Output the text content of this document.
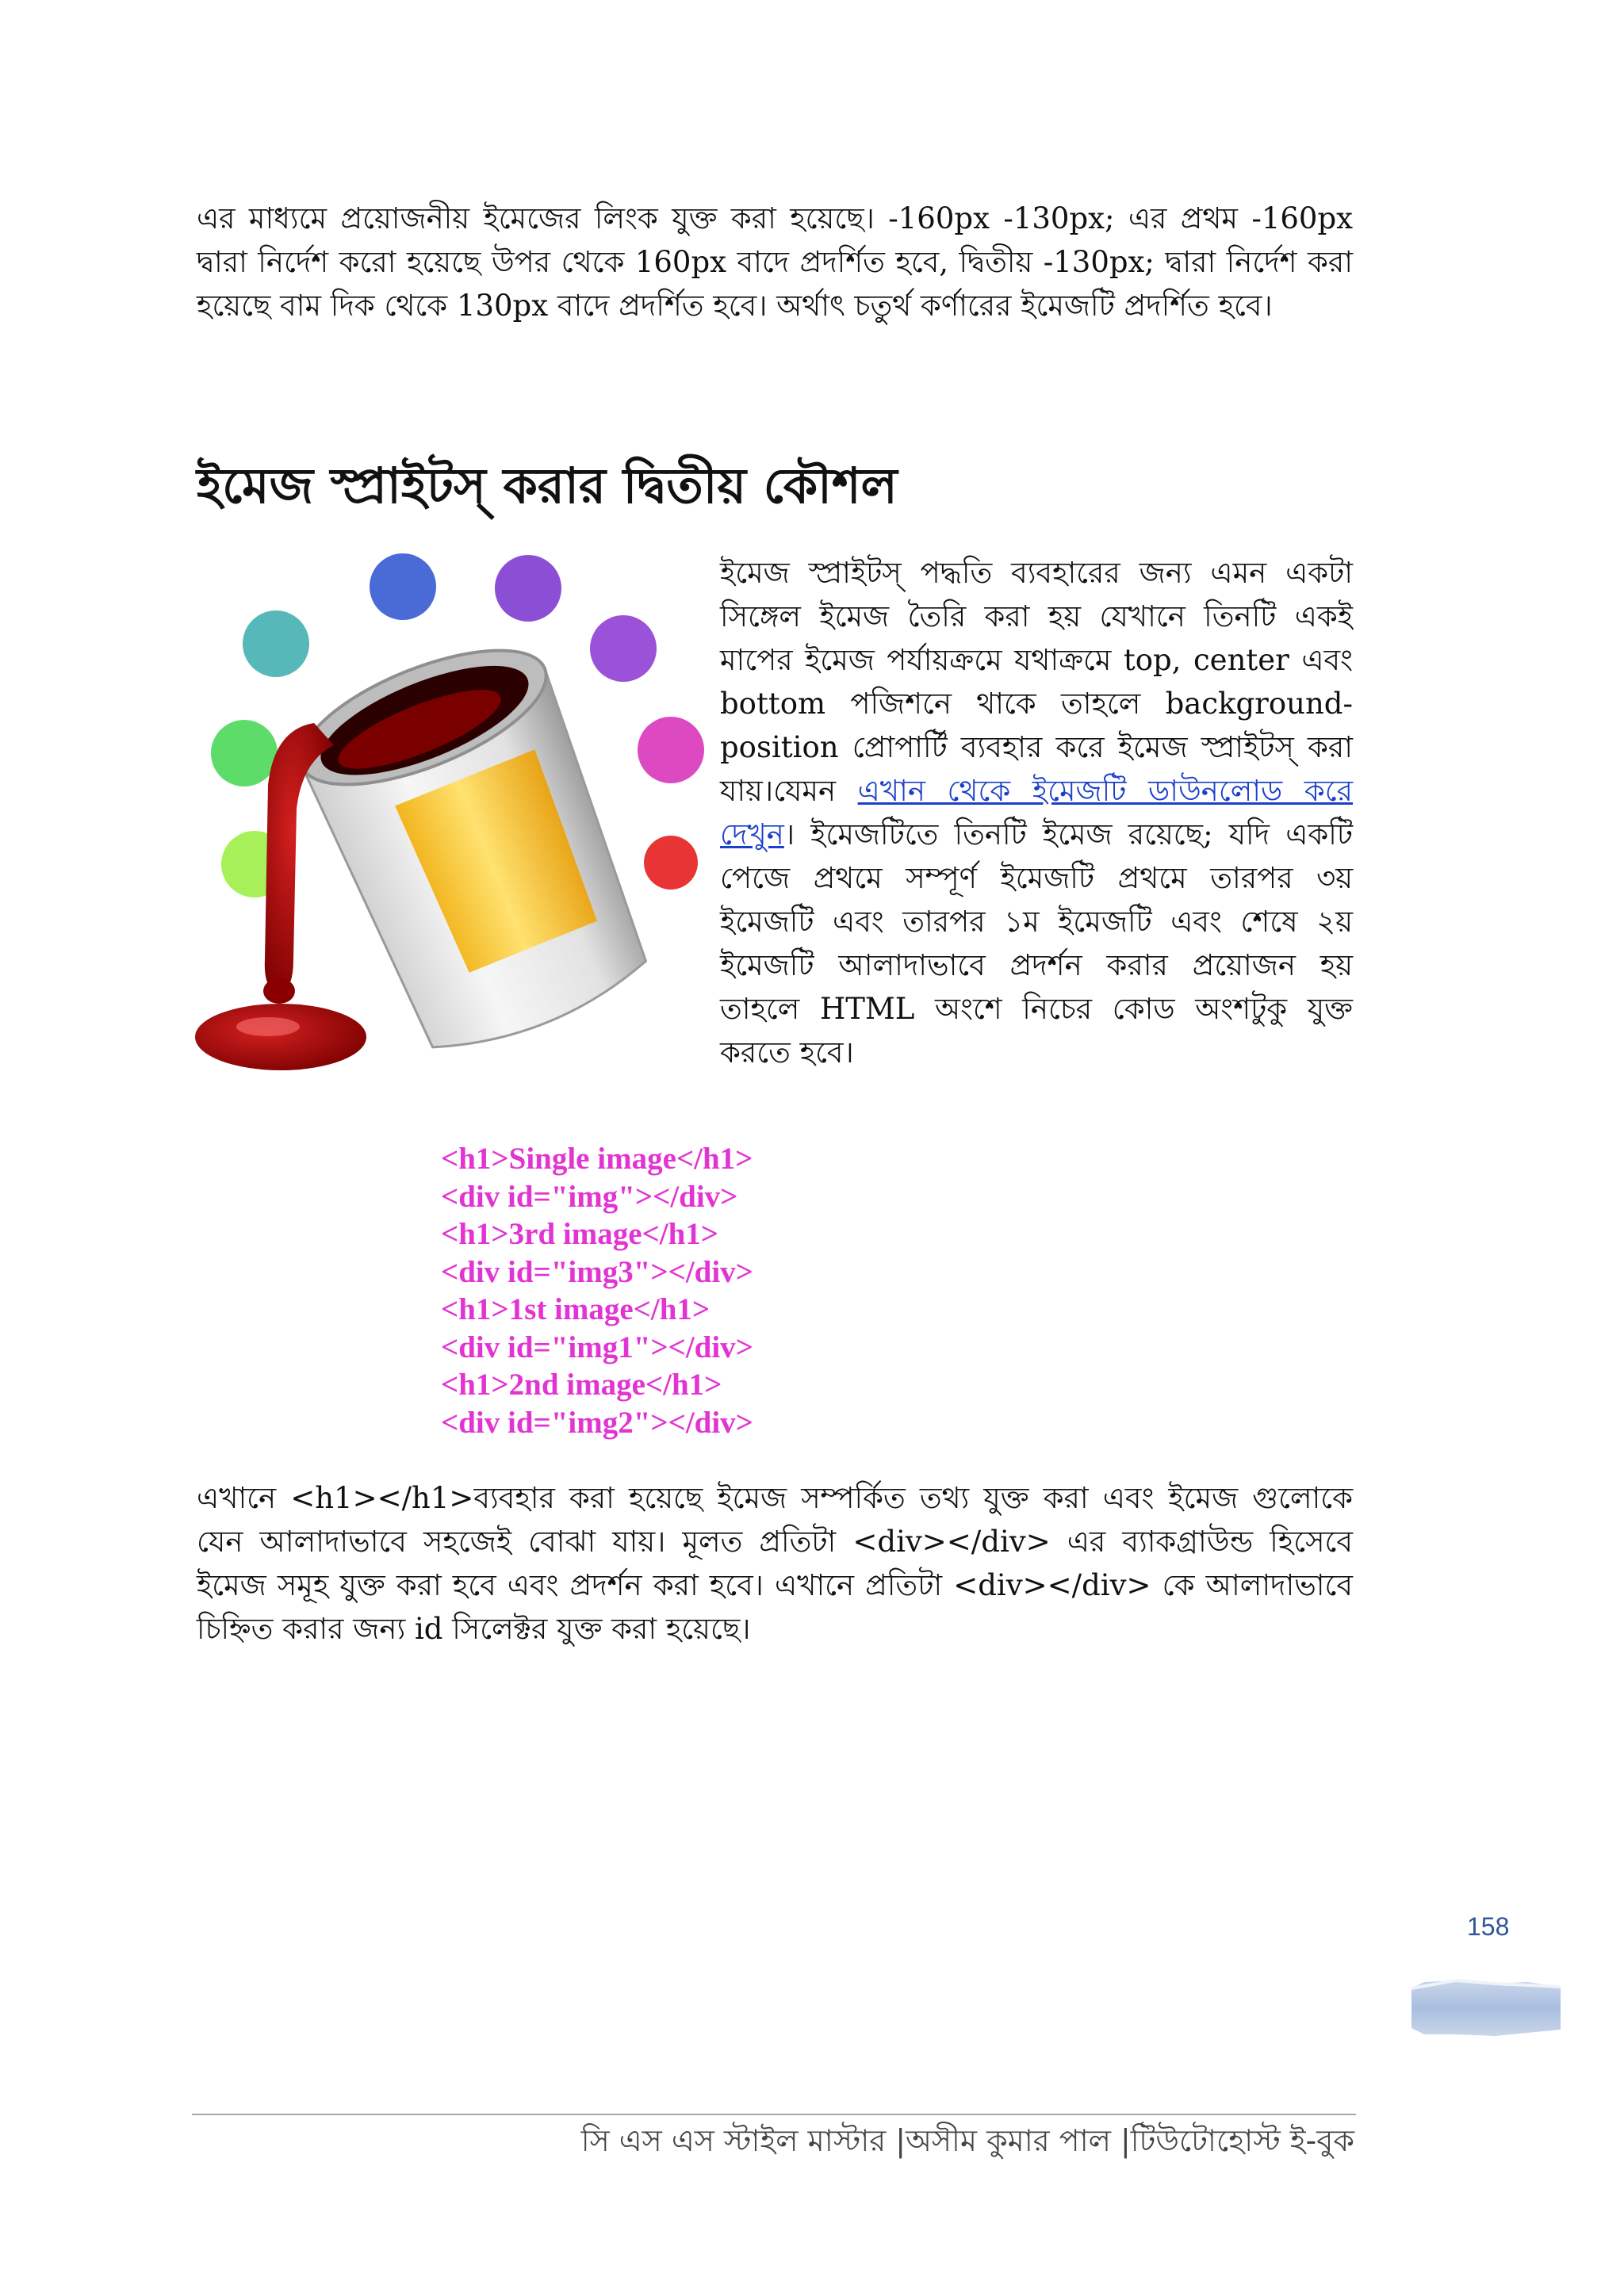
এর মাধ্যমে প্রয়োজনীয় ইমেজের লিংক যুক্ত করা হয়েছে। -160px -130px; এর প্রথম -160px দ্বারা নির্দেশ করো হয়েছে উপর থেকে 160px বাদে প্রদর্শিত হবে, দ্বিতীয় -130px; দ্বারা নির্দেশ করা হয়েছে বাম দিক থেকে 130px বাদে প্রদর্শিত হবে। অর্থাৎ চতুর্থ কর্ণারের ইমেজটি প্রদর্শিত হবে।

ইমেজ স্প্রাইটস্ করার দ্বিতীয় কৌশল

ইমেজ স্প্রাইটস্ পদ্ধতি ব্যবহারের জন্য এমন একটা সিঙ্গেল ইমেজ তৈরি করা হয় যেখানে তিনটি একই মাপের ইমেজ পর্যায়ক্রমে যথাক্রমে top, center এবং bottom পজিশনে থাকে তাহলে background-position প্রোপার্টি ব্যবহার করে ইমেজ স্প্রাইটস্ করা যায়।যেমন এখান থেকে ইমেজটি ডাউনলোড করে দেখুন। ইমেজটিতে তিনটি ইমেজ রয়েছে; যদি একটি পেজে প্রথমে সম্পূর্ণ ইমেজটি প্রথমে তারপর ৩য় ইমেজটি এবং তারপর ১ম ইমেজটি এবং শেষে ২য় ইমেজটি আলাদাভাবে প্রদর্শন করার প্রয়োজন হয় তাহলে HTML অংশে নিচের কোড অংশটুকু যুক্ত করতে হবে।

<h1>Single image</h1>
<div id="img"></div>
<h1>3rd image</h1>
<div id="img3"></div>
<h1>1st image</h1>
<div id="img1"></div>
<h1>2nd image</h1>
<div id="img2"></div>

এখানে <h1></h1>ব্যবহার করা হয়েছে ইমেজ সম্পর্কিত তথ্য যুক্ত করা এবং ইমেজ গুলোকে যেন আলাদাভাবে সহজেই বোঝা যায়। মূলত প্রতিটা <div></div> এর ব্যাকগ্রাউন্ড হিসেবে ইমেজ সমূহ যুক্ত করা হবে এবং প্রদর্শন করা হবে। এখানে প্রতিটা <div></div> কে আলাদাভাবে চিহ্নিত করার জন্য id সিলেক্টর যুক্ত করা হয়েছে।

158
সি এস এস স্টাইল মাস্টার |অসীম কুমার পাল |টিউটোহোস্ট ই-বুক
